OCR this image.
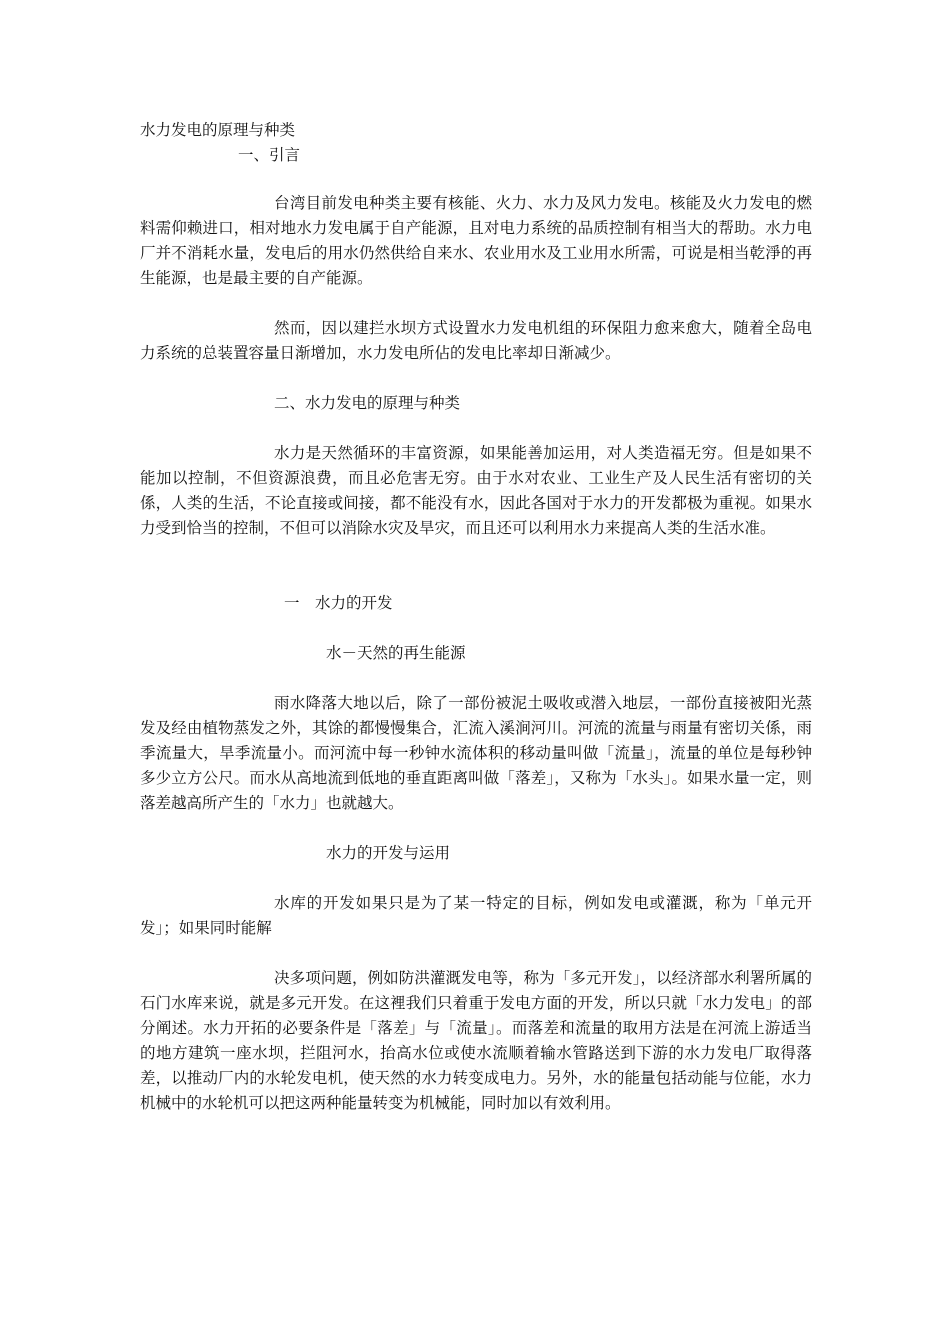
水力发电的原理与种类
一、引言
台湾目前发电种类主要有核能、火力、水力及风力发电。核能及火力发电的燃料需仰赖进口，相对地水力发电属于自产能源，且对电力系统的品质控制有相当大的帮助。水力电厂并不消耗水量，发电后的用水仍然供给自来水、农业用水及工业用水所需，可说是相当乾淨的再生能源，也是最主要的自产能源。
然而，因以建拦水坝方式设置水力发电机组的环保阻力愈来愈大，随着全岛电力系统的总装置容量日渐增加，水力发电所佔的发电比率却日渐减少。
二、水力发电的原理与种类
水力是天然循环的丰富资源，如果能善加运用，对人类造福无穷。但是如果不能加以控制，不但资源浪费，而且必危害无穷。由于水对农业、工业生产及人民生活有密切的关係，人类的生活，不论直接或间接，都不能没有水，因此各国对于水力的开发都极为重视。如果水力受到恰当的控制，不但可以消除水灾及旱灾，而且还可以利用水力来提高人类的生活水准。
一　水力的开发
水－天然的再生能源
雨水降落大地以后，除了一部份被泥土吸收或潜入地层，一部份直接被阳光蒸发及经由植物蒸发之外，其馀的都慢慢集合，汇流入溪涧河川。河流的流量与雨量有密切关係，雨季流量大，旱季流量小。而河流中每一秒钟水流体积的移动量叫做「流量」，流量的单位是每秒钟多少立方公尺。而水从高地流到低地的垂直距离叫做「落差」，又称为「水头」。如果水量一定，则落差越高所产生的「水力」也就越大。
水力的开发与运用
水库的开发如果只是为了某一特定的目标，例如发电或灌溉，称为「单元开发」；如果同时能解
决多项问题，例如防洪灌溉发电等，称为「多元开发」，以经济部水利署所属的石门水库来说，就是多元开发。在这裡我们只着重于发电方面的开发，所以只就「水力发电」的部分阐述。水力开拓的必要条件是「落差」与「流量」。而落差和流量的取用方法是在河流上游适当的地方建筑一座水坝，拦阻河水，抬高水位或使水流顺着输水管路送到下游的水力发电厂取得落差，以推动厂内的水轮发电机，使天然的水力转变成电力。另外，水的能量包括动能与位能，水力机械中的水轮机可以把这两种能量转变为机械能，同时加以有效利用。
